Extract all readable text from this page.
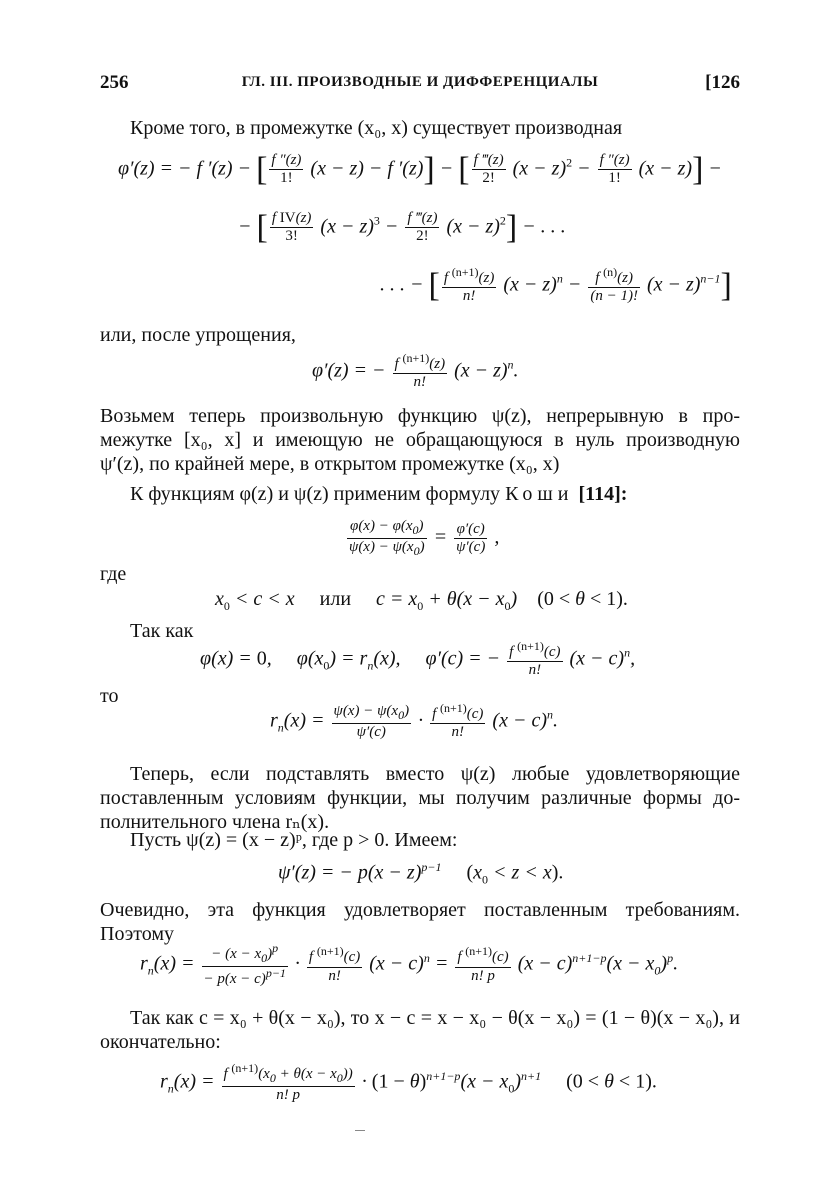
256	ГЛ. III. ПРОИЗВОДНЫЕ И ДИФФЕРЕНЦИАЛЫ	[126
Кроме того, в промежутке (x₀, x) существует производная
φ′(z) = − f ′(z) − [ $\frac{f ''(z)}{1!} (x - z) - f$ ′(z)] − [ $\frac{f ‴(z)}{2!} (x - z)^2 - \frac{f ''(z)}{1!} (x - z)$] −
− [ $\frac{\text{f IV(z)}}{3!} (x - z)^3 - \frac{f ‴(z)}{2!} (x - z)^2$] − . . .
. . . − [ $\frac{f ^{(n+1)}(z)}{n!} (x - z)^n - \frac{f ^{(n)}(z)}{(n - 1)!} (x - z)^{n-1}$]
или, после упрощения,
φ′(z) = − $\frac{f ^{(n+1)}(z)}{n!} (x - z)^n$.
Возьмем теперь произвольную функцию ψ(z), непрерывную в про-
межутке [x₀, x] и имеющую не обращающуюся в нуль производную
ψ′(z), по крайней мере, в открытом промежутке (x₀, x)
К функциям φ(z) и ψ(z) применим формулу Коши [114]:
$\frac{\varphi(x) - \varphi(x_0)}{\psi(x) - \psi(x_0)} = \frac{\varphi'(c)}{\psi'(c)}$ ,
где
$x_0 < c < x$     или     $c = x_0 + \theta(x - x_0)$    (0 < θ < 1).
Так как
φ(x) = 0,     $\varphi(x_0) = r_n(x)$,     φ′(c) = − $\frac{f ^{(n+1)}(c)}{n!} (x - c)^n$,
то
$r_n(x) = \frac{\psi(x) - \psi(x_0)}{\psi'(c)} \cdot \frac{f ^{(n+1)}(c)}{n!} (x - c)^n$.
Теперь, если подставлять вместо ψ(z) любые удовлетворяющие
поставленным условиям функции, мы получим различные формы до-
полнительного члена rₙ(x).
Пусть ψ(z) = (x − z)ᵖ, где p > 0. Имеем:
ψ′(z) = − $p(x - z)^{p-1}$ $(x_0 < z < x)$.
Очевидно, эта функция удовлетворяет поставленным требованиям.
Поэтому
$r_n(x) = \frac{- (x - x_0)^p}{- p(x - c)^{p-1}} \cdot \frac{f ^{(n+1)}(c)}{n!} (x - c)^n = \frac{f ^{(n+1)}(c)}{n! p} (x - c)^{n+1-p}(x - x_0)^p$.
Так как c = x₀ + θ(x − x₀), то x − c = x − x₀ − θ(x − x₀) = (1 − θ)(x − x₀), и
окончательно:
$r_n(x) = \frac{f ^{(n+1)}(x_0 + \theta(x - x_0))}{n! p} \cdot (1 - \theta)^{n+1-p}(x - x_0)^{n+1}$ (0 < θ < 1).
